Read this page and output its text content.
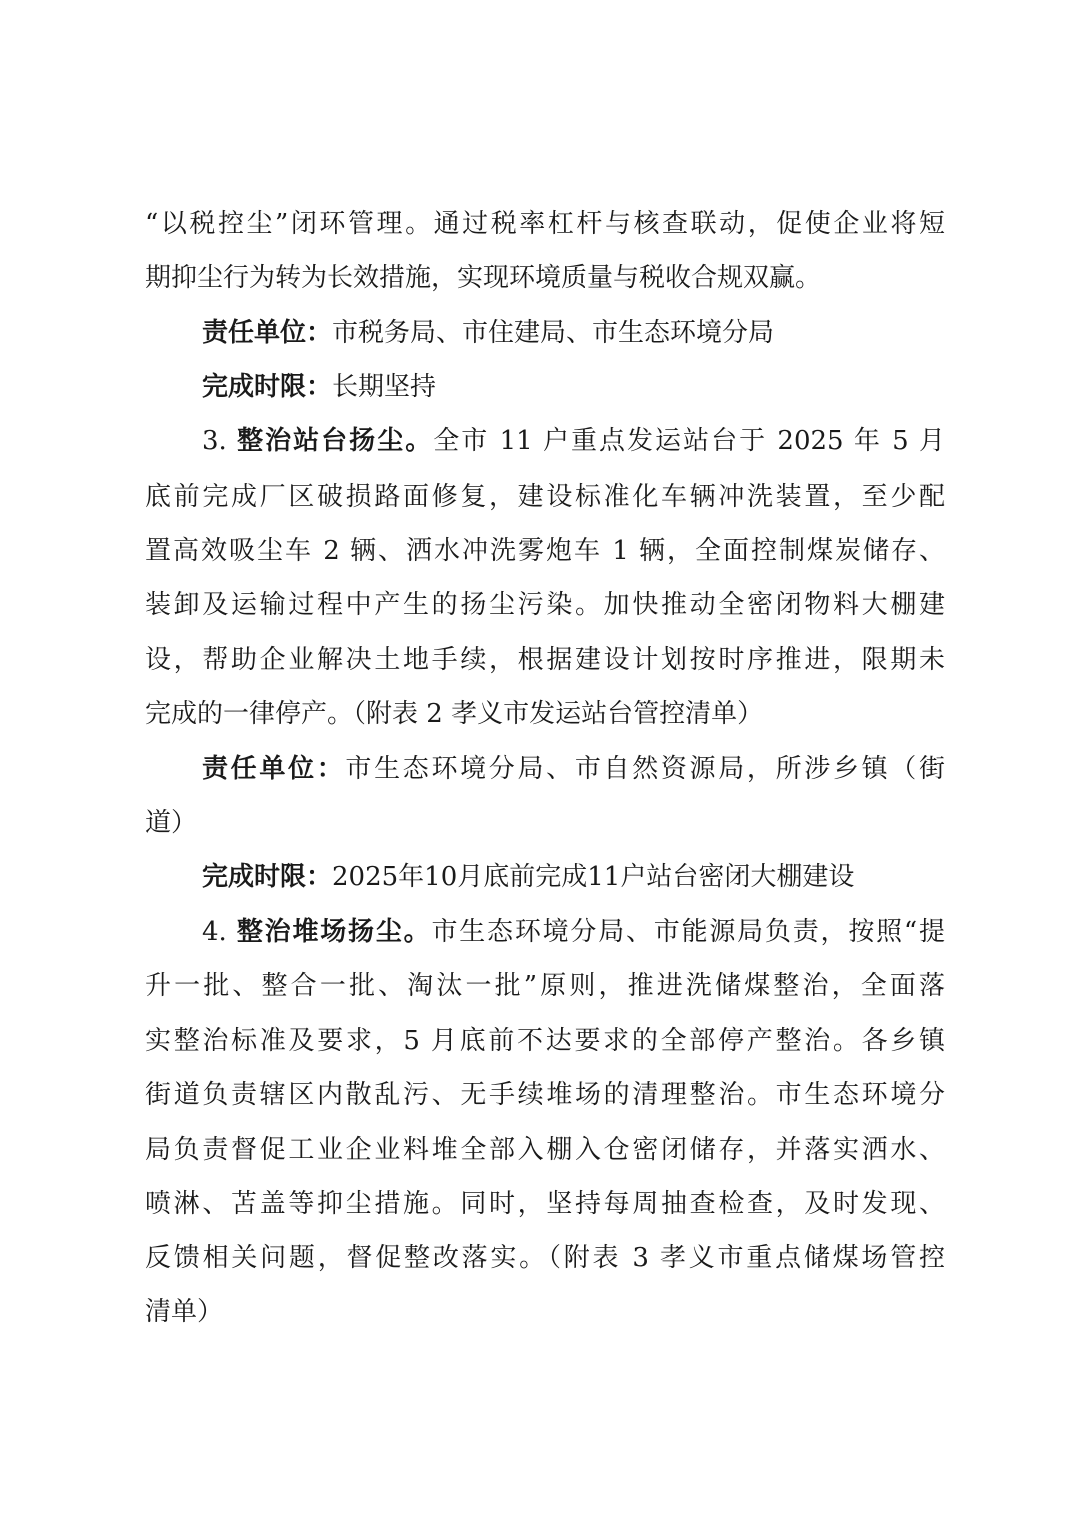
“以税控尘”闭环管理。通过税率杠杆与核查联动，促使企业将短
期抑尘行为转为长效措施，实现环境质量与税收合规双赢。
责任单位：市税务局、市住建局、市生态环境分局
完成时限：长期坚持
3. 整治站台扬尘。全市 11 户重点发运站台于 2025 年 5 月
底前完成厂区破损路面修复，建设标准化车辆冲洗装置，至少配
置高效吸尘车 2 辆、洒水冲洗雾炮车 1 辆，全面控制煤炭储存、
装卸及运输过程中产生的扬尘污染。加快推动全密闭物料大棚建
设，帮助企业解决土地手续，根据建设计划按时序推进，限期未
完成的一律停产。（附表 2 孝义市发运站台管控清单）
责任单位：市生态环境分局、市自然资源局，所涉乡镇（街
道）
完成时限：2025年10月底前完成11户站台密闭大棚建设
4. 整治堆场扬尘。市生态环境分局、市能源局负责，按照“提
升一批、整合一批、淘汰一批”原则，推进洗储煤整治，全面落
实整治标准及要求，5 月底前不达要求的全部停产整治。各乡镇
街道负责辖区内散乱污、无手续堆场的清理整治。市生态环境分
局负责督促工业企业料堆全部入棚入仓密闭储存，并落实洒水、
喷淋、苫盖等抑尘措施。同时，坚持每周抽查检查，及时发现、
反馈相关问题，督促整改落实。（附表 3 孝义市重点储煤场管控
清单）
